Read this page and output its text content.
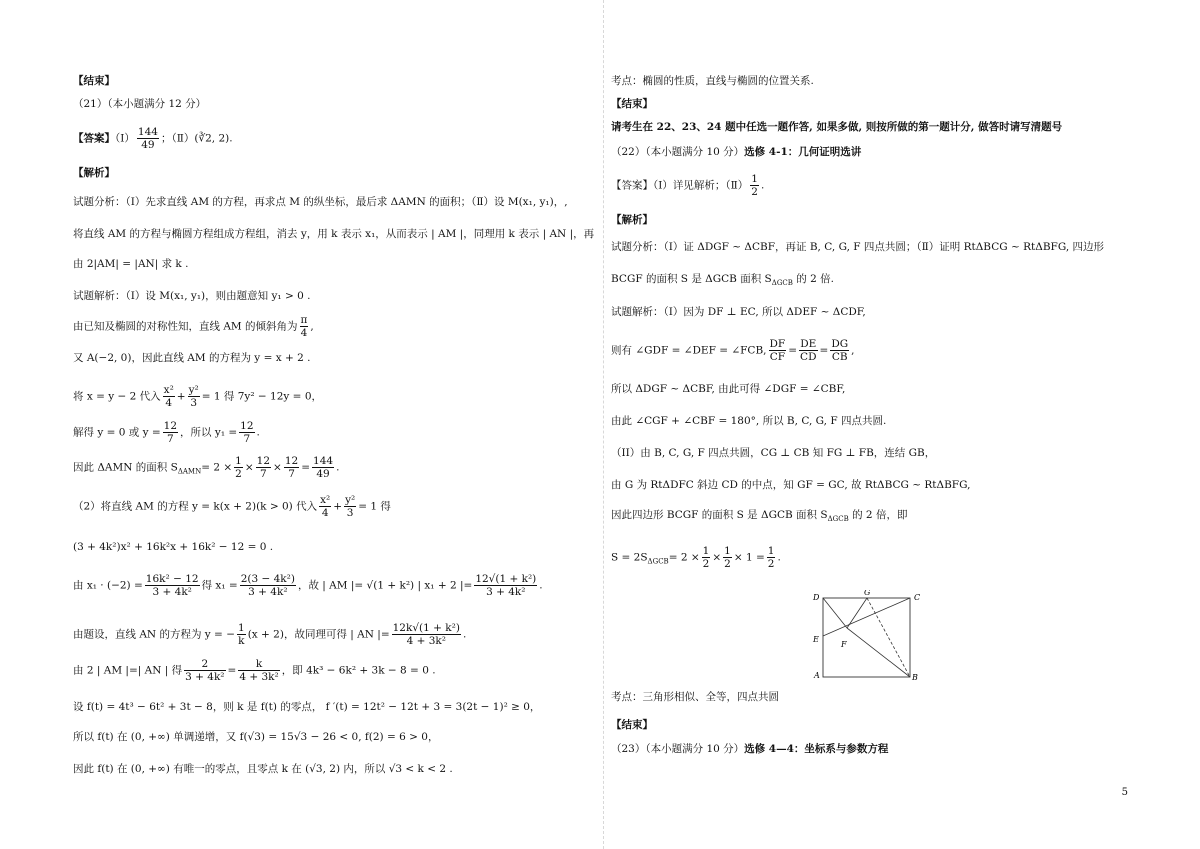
【结束】
（21）（本小题满分 12 分）
【答案】（Ⅰ） $\frac{144}{49}$ ；（Ⅱ）(∛2, 2).
【解析】
试题分析：（Ⅰ）先求直线 AM 的方程，再求点 M 的纵坐标，最后求 ΔAMN 的面积；（Ⅱ）设 M(x₁, y₁)，,
将直线 AM 的方程与椭圆方程组成方程组，消去 y，用 k 表示 x₁，从而表示 | AM |，同理用 k 表示 | AN |，再
由 2|AM| = |AN| 求 k .
试题解析：（Ⅰ）设 M(x₁, y₁)，则由题意知 y₁ > 0 .
由已知及椭圆的对称性知，直线 AM 的倾斜角为 $\frac{\pi}{4}$ ,
又 A(−2, 0)，因此直线 AM 的方程为 y = x + 2 .
将 x = y − 2 代入 $\frac{\text{x²}}{4} + \frac{\text{y²}}{3} = 1$ 得 7y² − 12y = 0，
解得 y = 0 或 $y = \frac{12}{7}$ ，所以 $y_1 = \frac{12}{7}$ .
因此 ΔAMN 的面积 $S_{\Delta AMN}= 2 \times \frac{1}{2} \times \frac{12}{7} \times \frac{12}{7} = \frac{144}{49}$ .
（2）将直线 AM 的方程 y = k(x + 2)(k > 0) 代入 $\frac{\text{x²}}{4} + \frac{\text{y²}}{3} = 1$ 得
(3 + 4k²)x² + 16k²x + 16k² − 12 = 0 .
由 $x_1 \cdot (-2) = \frac{\text{16k² − 12}}{\text{3 + 4k²}}$ 得 $x_1 = \frac{\text{2(3 − 4k²)}}{\text{3 + 4k²}}$ ，故 | AM |= √(1 + k²) | x₁ + 2 |= $\frac{\text{12√(1 + k²)}}{\text{3 + 4k²}}$ .
由题设，直线 AN 的方程为 y = − $\frac{1}{k} (x + 2)$，故同理可得 | AN |= $\frac{\text{12k√(1 + k²)}}{\text{4 + 3k²}}$ .
由 2 | AM |=| AN | 得 $\frac{2}{\text{3 + 4k²}} = \frac{k}{\text{4 + 3k²}}$ ，即 4k³ − 6k² + 3k − 8 = 0 .
设 f(t) = 4t³ − 6t² + 3t − 8，则 k 是 f(t) 的零点， f ′(t) = 12t² − 12t + 3 = 3(2t − 1)² ≥ 0，
所以 f(t) 在 (0, +∞) 单调递增，又 f(√3) = 15√3 − 26 < 0, f(2) = 6 > 0，
因此 f(t) 在 (0, +∞) 有唯一的零点，且零点 k 在 (√3, 2) 内，所以 √3 < k < 2 .
考点：椭圆的性质，直线与椭圆的位置关系.
【结束】
请考生在 22、23、24 题中任选一题作答, 如果多做, 则按所做的第一题计分, 做答时请写清题号
（22）（本小题满分 10 分）选修 4-1：几何证明选讲
【答案】（Ⅰ）详见解析；（Ⅱ） $\frac{1}{2}$ .
【解析】
试题分析：（Ⅰ）证 ΔDGF ~ ΔCBF，再证 B, C, G, F 四点共圆；（Ⅱ）证明 RtΔBCG ~ RtΔBFG, 四边形
BCGF 的面积 S 是 ΔGCB 面积 $S_{\Delta GCB}$ 的 2 倍.
试题解析：（I）因为 DF ⊥ EC, 所以 ΔDEF ~ ΔCDF,
则有 ∠GDF = ∠DEF = ∠FCB, $\frac{DF}{CF} = \frac{DE}{CD} = \frac{DG}{CB}$ ,
所以 ΔDGF ~ ΔCBF, 由此可得 ∠DGF = ∠CBF,
由此 ∠CGF + ∠CBF = 180°, 所以 B, C, G, F 四点共圆.
（II）由 B, C, G, F 四点共圆，CG ⊥ CB 知 FG ⊥ FB，连结 GB，
由 G 为 RtΔDFC 斜边 CD 的中点，知 GF = GC, 故 RtΔBCG ~ RtΔBFG,
因此四边形 BCGF 的面积 S 是 ΔGCB 面积 $S_{\Delta GCB}$ 的 2 倍，即
$S = 2S_{\Delta GCB}= 2 \times \frac{1}{2} \times \frac{1}{2} \times 1 = \frac{1}{2}$ .
D
G
C
E
F
A	B
考点：三角形相似、全等，四点共圆
【结束】
（23）（本小题满分 10 分）选修 4—4：坐标系与参数方程
5
